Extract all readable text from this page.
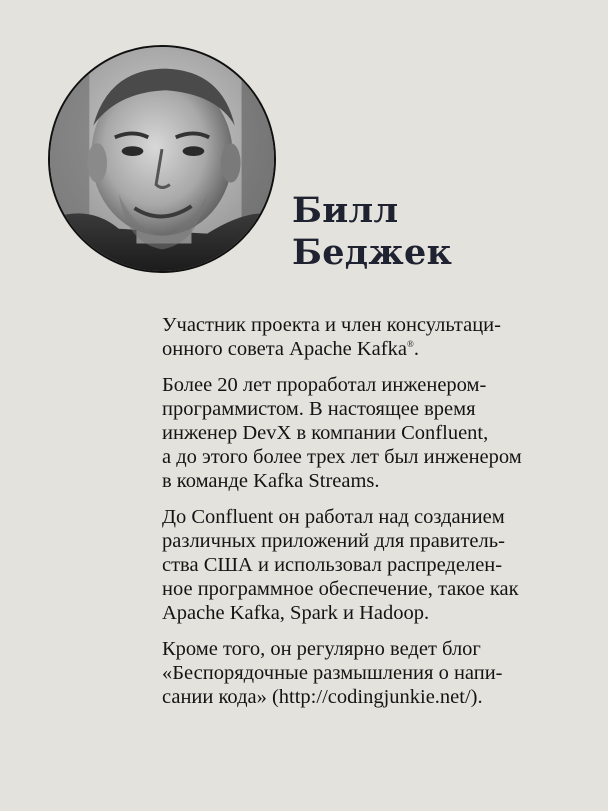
Билл
Беджек

Участник проекта и член консультаци-
онного совета Apache Kafka®.

Более 20 лет проработал инженером-
программистом. В настоящее время
инженер DevX в компании Confluent,
а до этого более трех лет был инженером
в команде Kafka Streams.

До Confluent он работал над созданием
различных приложений для правитель-
ства США и использовал распределен-
ное программное обеспечение, такое как
Apache Kafka, Spark и Hadoop.

Кроме того, он регулярно ведет блог
«Беспорядочные размышления о напи-
сании кода» (http://codingjunkie.net/).
